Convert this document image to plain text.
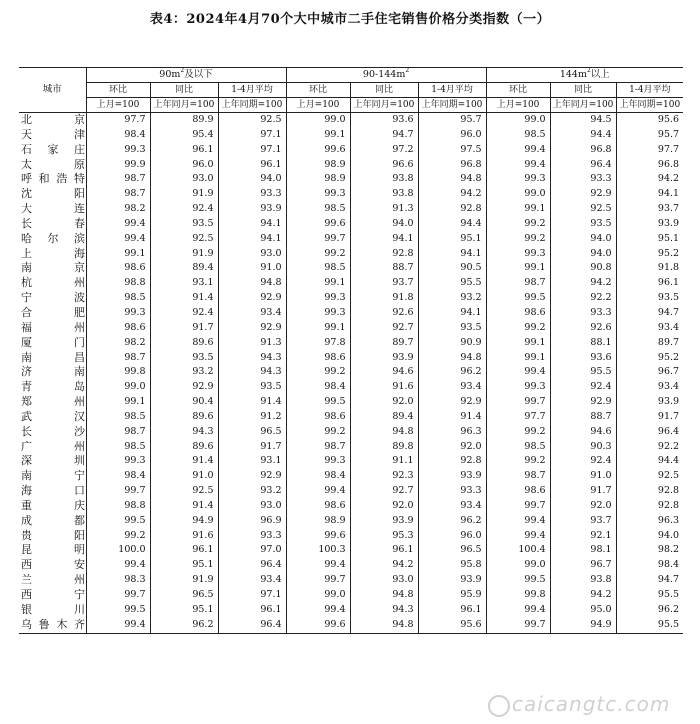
表4：2024年4月70个大中城市二手住宅销售价格分类指数（一）
城市	$90m^2$及以下			$90-144m^2$			$144m^2$以上		
	环比	同比	1-4月平均	环比	同比	1-4月平均	环比	同比	1-4月平均
	上月=100	上年同月=100	上年同期=100	上月=100	上年同月=100	上年同期=100	上月=100	上年同月=100	上年同期=100
北京	97.7	89.9	92.5	99.0	93.6	95.7	99.0	94.5	95.6
天津	98.4	95.4	97.1	99.1	94.7	96.0	98.5	94.4	95.7
石家庄	99.3	96.1	97.1	99.6	97.2	97.5	99.4	96.8	97.7
太原	99.9	96.0	96.1	98.9	96.6	96.8	99.4	96.4	96.8
呼和浩特	98.7	93.0	94.0	98.9	93.8	94.8	99.3	93.3	94.2
沈阳	98.7	91.9	93.3	99.3	93.8	94.2	99.0	92.9	94.1
大连	98.2	92.4	93.9	98.5	91.3	92.8	99.1	92.5	93.7
长春	99.4	93.5	94.1	99.6	94.0	94.4	99.2	93.5	93.9
哈尔滨	99.4	92.5	94.1	99.7	94.1	95.1	99.2	94.0	95.1
上海	99.1	91.9	93.0	99.2	92.8	94.1	99.3	94.0	95.2
南京	98.6	89.4	91.0	98.5	88.7	90.5	99.1	90.8	91.8
杭州	98.8	93.1	94.8	99.1	93.7	95.5	98.7	94.2	96.1
宁波	98.5	91.4	92.9	99.3	91.8	93.2	99.5	92.2	93.5
合肥	99.3	92.4	93.4	99.3	92.6	94.1	98.6	93.3	94.7
福州	98.6	91.7	92.9	99.1	92.7	93.5	99.2	92.6	93.4
厦门	98.2	89.6	91.3	97.8	89.7	90.9	99.1	88.1	89.7
南昌	98.7	93.5	94.3	98.6	93.9	94.8	99.1	93.6	95.2
济南	99.8	93.2	94.3	99.2	94.6	96.2	99.4	95.5	96.7
青岛	99.0	92.9	93.5	98.4	91.6	93.4	99.3	92.4	93.4
郑州	99.1	90.4	91.4	99.5	92.0	92.9	99.7	92.9	93.9
武汉	98.5	89.6	91.2	98.6	89.4	91.4	97.7	88.7	91.7
长沙	98.7	94.3	96.5	99.2	94.8	96.3	99.2	94.6	96.4
广州	98.5	89.6	91.7	98.7	89.8	92.0	98.5	90.3	92.2
深圳	99.3	91.4	93.1	99.3	91.1	92.8	99.2	92.4	94.4
南宁	98.4	91.0	92.9	98.4	92.3	93.9	98.7	91.0	92.5
海口	99.7	92.5	93.2	99.4	92.7	93.3	98.6	91.7	92.8
重庆	98.8	91.4	93.0	98.6	92.0	93.4	99.7	92.0	92.8
成都	99.5	94.9	96.9	98.9	93.9	96.2	99.4	93.7	96.3
贵阳	99.2	91.6	93.3	99.6	95.3	96.0	99.4	92.1	94.0
昆明	100.0	96.1	97.0	100.3	96.1	96.5	100.4	98.1	98.2
西安	99.4	95.1	96.4	99.4	94.2	95.8	99.0	96.7	98.4
兰州	98.3	91.9	93.4	99.7	93.0	93.9	99.5	93.8	94.7
西宁	99.7	96.5	97.1	99.0	94.8	95.9	99.8	94.2	95.5
银川	99.5	95.1	96.1	99.4	94.3	96.1	99.4	95.0	96.2
乌鲁木齐	99.4	96.2	96.4	99.6	94.8	95.6	99.7	94.9	95.5
caicangtc.com
